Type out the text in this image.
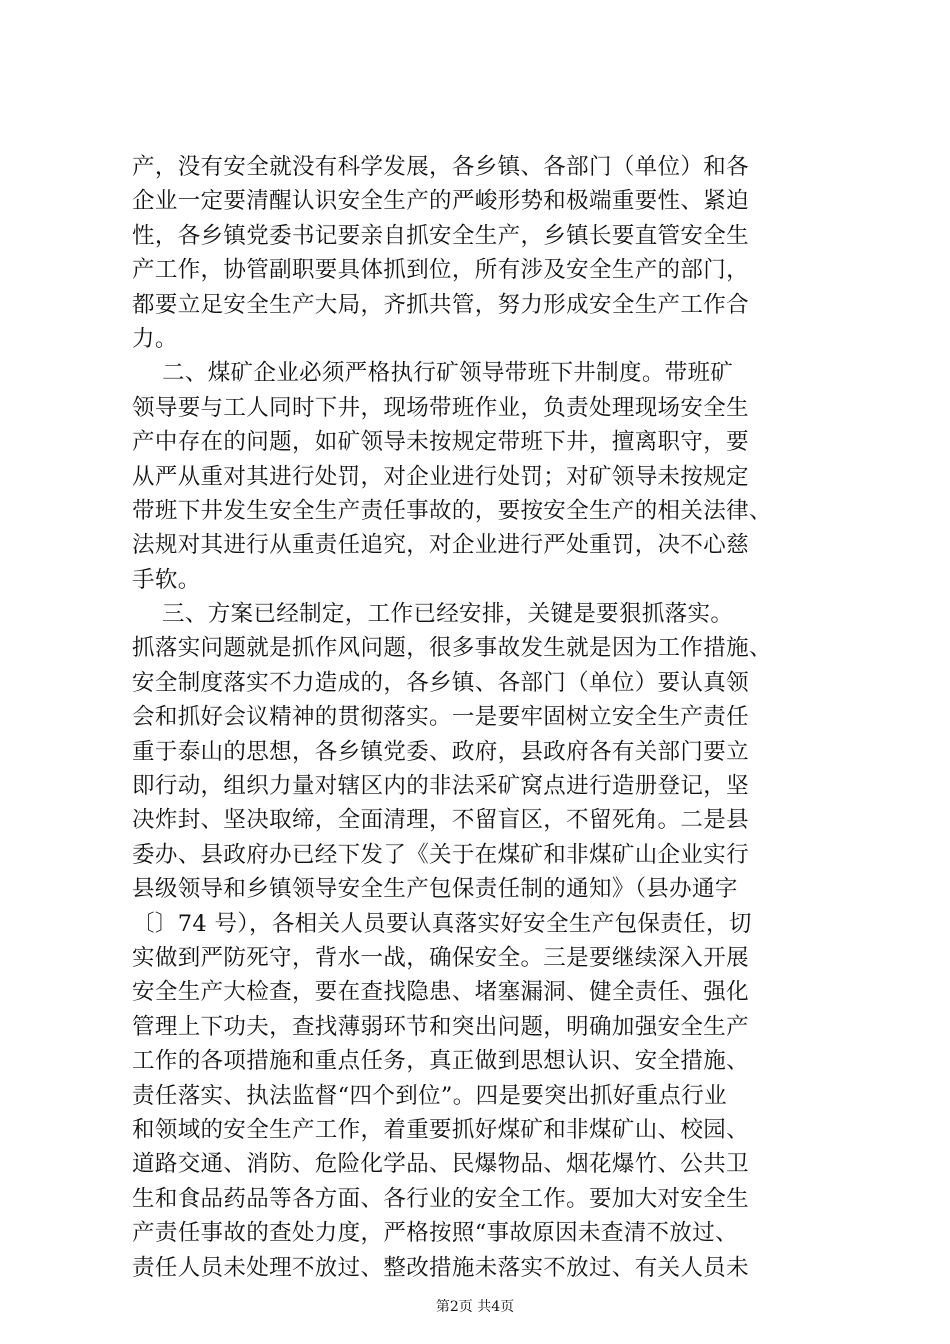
产，没有安全就没有科学发展，各乡镇、各部门（单位）和各
企业一定要清醒认识安全生产的严峻形势和极端重要性、紧迫
性，各乡镇党委书记要亲自抓安全生产，乡镇长要直管安全生
产工作，协管副职要具体抓到位，所有涉及安全生产的部门，
都要立足安全生产大局，齐抓共管，努力形成安全生产工作合
力。
二、煤矿企业必须严格执行矿领导带班下井制度。带班矿
领导要与工人同时下井，现场带班作业，负责处理现场安全生
产中存在的问题，如矿领导未按规定带班下井，擅离职守，要
从严从重对其进行处罚，对企业进行处罚；对矿领导未按规定
带班下井发生安全生产责任事故的，要按安全生产的相关法律、
法规对其进行从重责任追究，对企业进行严处重罚，决不心慈
手软。
三、方案已经制定，工作已经安排，关键是要狠抓落实。
抓落实问题就是抓作风问题，很多事故发生就是因为工作措施、
安全制度落实不力造成的，各乡镇、各部门（单位）要认真领
会和抓好会议精神的贯彻落实。一是要牢固树立安全生产责任
重于泰山的思想，各乡镇党委、政府，县政府各有关部门要立
即行动，组织力量对辖区内的非法采矿窝点进行造册登记，坚
决炸封、坚决取缔，全面清理，不留盲区，不留死角。二是县
委办、县政府办已经下发了《关于在煤矿和非煤矿山企业实行
县级领导和乡镇领导安全生产包保责任制的通知》（县办通字
〔〕74 号），各相关人员要认真落实好安全生产包保责任，切
实做到严防死守，背水一战，确保安全。三是要继续深入开展
安全生产大检查，要在查找隐患、堵塞漏洞、健全责任、强化
管理上下功夫，查找薄弱环节和突出问题，明确加强安全生产
工作的各项措施和重点任务，真正做到思想认识、安全措施、
责任落实、执法监督“四个到位”。四是要突出抓好重点行业
和领域的安全生产工作，着重要抓好煤矿和非煤矿山、校园、
道路交通、消防、危险化学品、民爆物品、烟花爆竹、公共卫
生和食品药品等各方面、各行业的安全工作。要加大对安全生
产责任事故的查处力度，严格按照“事故原因未查清不放过、
责任人员未处理不放过、整改措施未落实不放过、有关人员未
第2页 共4页
